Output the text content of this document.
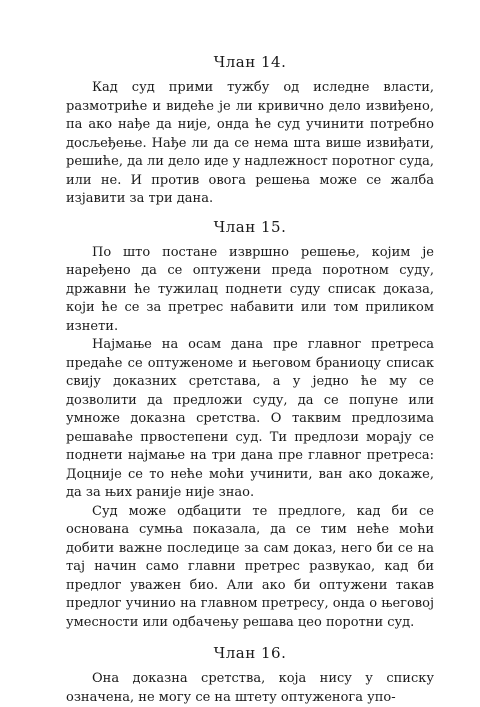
Члан 14.

Кад суд прими тужбу од иследне власти, размотриће и видеће је ли кривично дело извиђено, па ако нађе да није, онда ће суд учинити потребно досљеђење. Нађе ли да се нема шта више извиђати, решиће, да ли дело иде у надлежност поротног суда, или не. И против овога решења може се жалба изјавити за три дана.

Члан 15.

По што постане извршно решење, којим је наређено да се оптужени преда поротном суду, државни ће тужилац поднети суду списак доказа, који ће се за претрес набавити или том приликом изнети.

Најмање на осам дана пре главног претреса предаће се оптуженоме и његовом браниоцу списак свију доказних сретстава, а у једно ће му се дозволити да предложи суду, да се попуне или умноже доказна сретства. О таквим предлозима решаваће првостепени суд. Ти предлози морају се поднети најмање на три дана пре главног претреса: Доцније се то неће моћи учинити, ван ако докаже, да за њих раније није знао.

Суд може одбацити те предлоге, кад би се основана сумња показала, да се тим неће моћи добити важне последице за сам доказ, него би се на тај начин само главни претрес развукао, кад би предлог уважен био. Али ако би оптужени такав предлог учинио на главном претресу, онда о његовој умесности или одбачењу решава цео поротни суд.

Члан 16.

Она доказна сретства, која нису у списку означена, не могу се на штету оптуженога упо-
